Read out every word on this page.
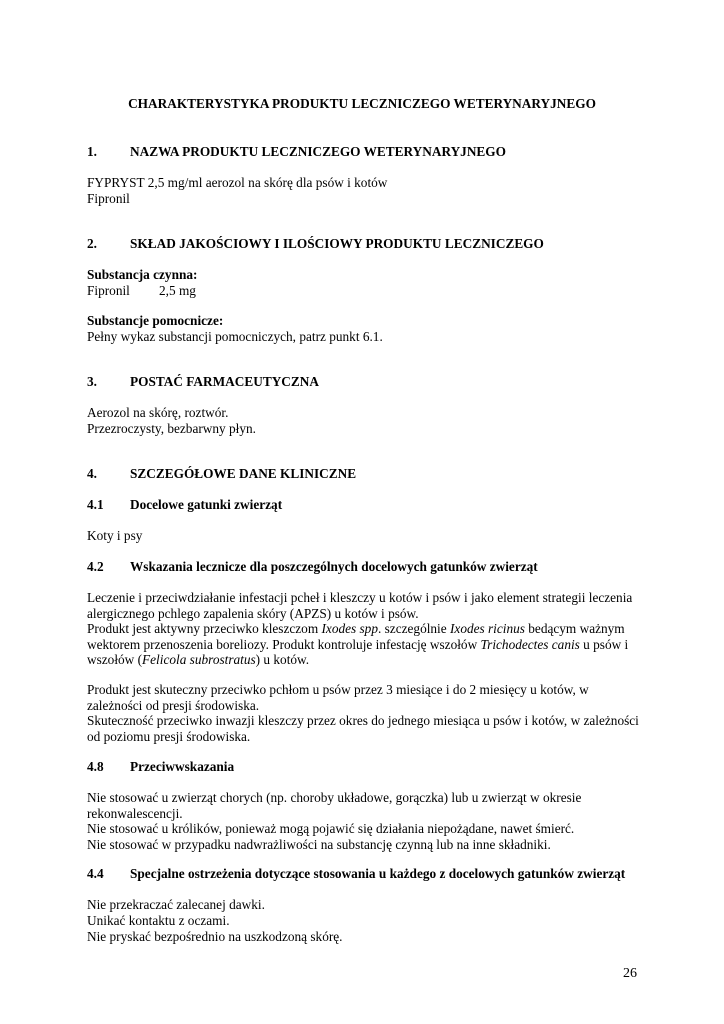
CHARAKTERYSTYKA PRODUKTU LECZNICZEGO WETERYNARYJNEGO
1. NAZWA PRODUKTU LECZNICZEGO WETERYNARYJNEGO
FYPRYST 2,5 mg/ml aerozol na skórę dla psów i kotów
Fipronil
2. SKŁAD JAKOŚCIOWY I ILOŚCIOWY PRODUKTU LECZNICZEGO
Substancja czynna:
Fipronil 2,5 mg
Substancje pomocnicze:
Pełny wykaz substancji pomocniczych, patrz punkt 6.1.
3. POSTAĆ FARMACEUTYCZNA
Aerozol na skórę, roztwór.
Przezroczysty, bezbarwny płyn.
4. SZCZEGÓŁOWE DANE KLINICZNE
4.1 Docelowe gatunki zwierząt
Koty i psy
4.2 Wskazania lecznicze dla poszczególnych docelowych gatunków zwierząt
Leczenie i przeciwdziałanie infestacji pcheł i kleszczy u kotów i psów i jako element strategii leczenia alergicznego pchlego zapalenia skóry (APZS) u kotów i psów.
Produkt jest aktywny przeciwko kleszczom Ixodes spp. szczególnie Ixodes ricinus bedącym ważnym wektorem przenoszenia boreliozy. Produkt kontroluje infestację wszołów Trichodectes canis u psów i wszołów (Felicola subrostratus) u kotów.
Produkt jest skuteczny przeciwko pchłom u psów przez 3 miesiące i do 2 miesięcy u kotów, w zależności od presji środowiska.
Skuteczność przeciwko inwazji kleszczy przez okres do jednego miesiąca u psów i kotów, w zależności od poziomu presji środowiska.
4.8 Przeciwwskazania
Nie stosować u zwierząt chorych (np. choroby układowe, gorączka) lub u zwierząt w okresie rekonwalescencji.
Nie stosować u królików, ponieważ mogą pojawić się działania niepożądane, nawet śmierć.
Nie stosować w przypadku nadwrażliwości na substancję czynną lub na inne składniki.
4.4 Specjalne ostrzeżenia dotyczące stosowania u każdego z docelowych gatunków zwierząt
Nie przekraczać zalecanej dawki.
Unikać kontaktu z oczami.
Nie pryskać bezpośrednio na uszkodzoną skórę.
26
